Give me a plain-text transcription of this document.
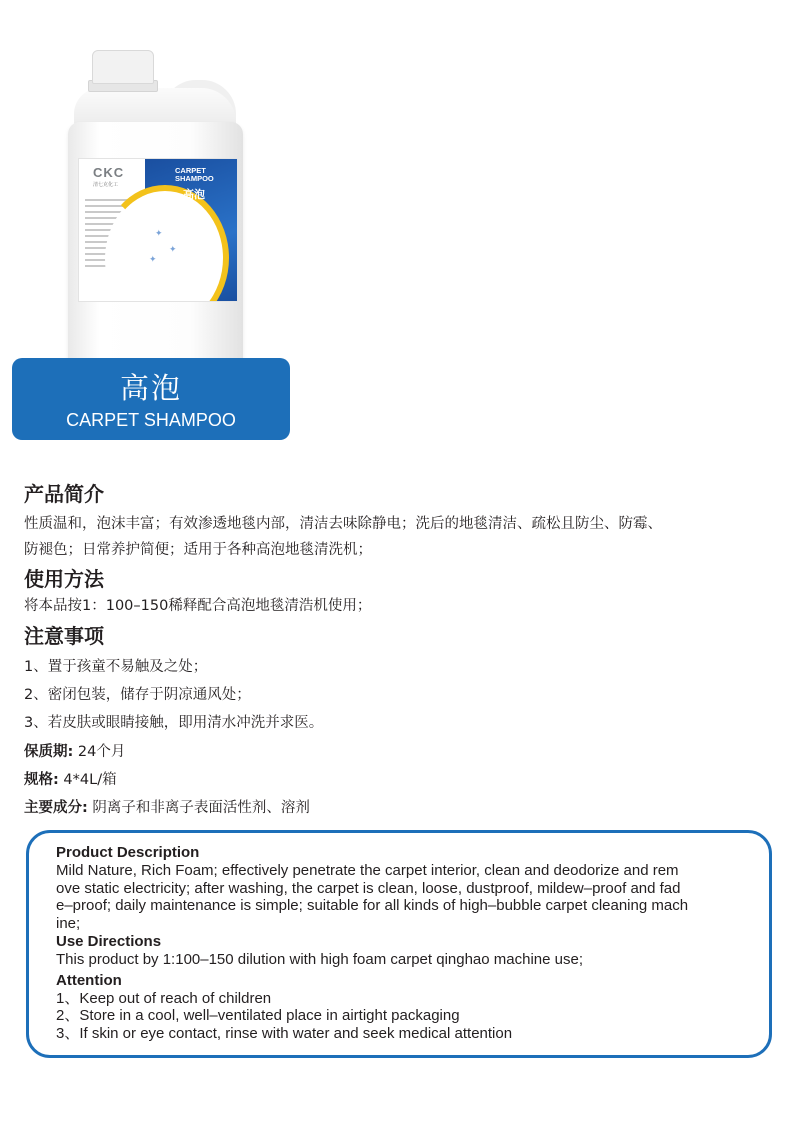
CKC
清七克化工
CARPET SHAMPOO
高泡
✦
✦
✦
高泡
CARPET SHAMPOO
产品简介
性质温和，泡沫丰富；有效渗透地毯内部，清洁去味除静电；洗后的地毯清洁、疏松且防尘、防霉、
防褪色；日常养护简便；适用于各种高泡地毯清洗机；
使用方法
将本品按1：100–150稀释配合高泡地毯清浩机使用；
注意事项
1、置于孩童不易触及之处；
2、密闭包装，储存于阴凉通风处；
3、若皮肤或眼睛接触，即用清水冲洗并求医。
保质期: 24个月
规格: 4*4L/箱
主要成分: 阴离子和非离子表面活性剂、溶剂
Product Description
Mild Nature, Rich Foam; effectively penetrate the carpet interior, clean and deodorize and rem
ove static electricity; after washing, the carpet is clean, loose, dustproof, mildew–proof and fad
e–proof; daily maintenance is simple; suitable for all kinds of high–bubble carpet cleaning mach
ine;
Use Directions
This product by 1:100–150 dilution with high foam carpet qinghao machine use;
Attention
1、Keep out of reach of children
2、Store in a cool, well–ventilated place in airtight packaging
3、If skin or eye contact, rinse with water and seek medical attention
